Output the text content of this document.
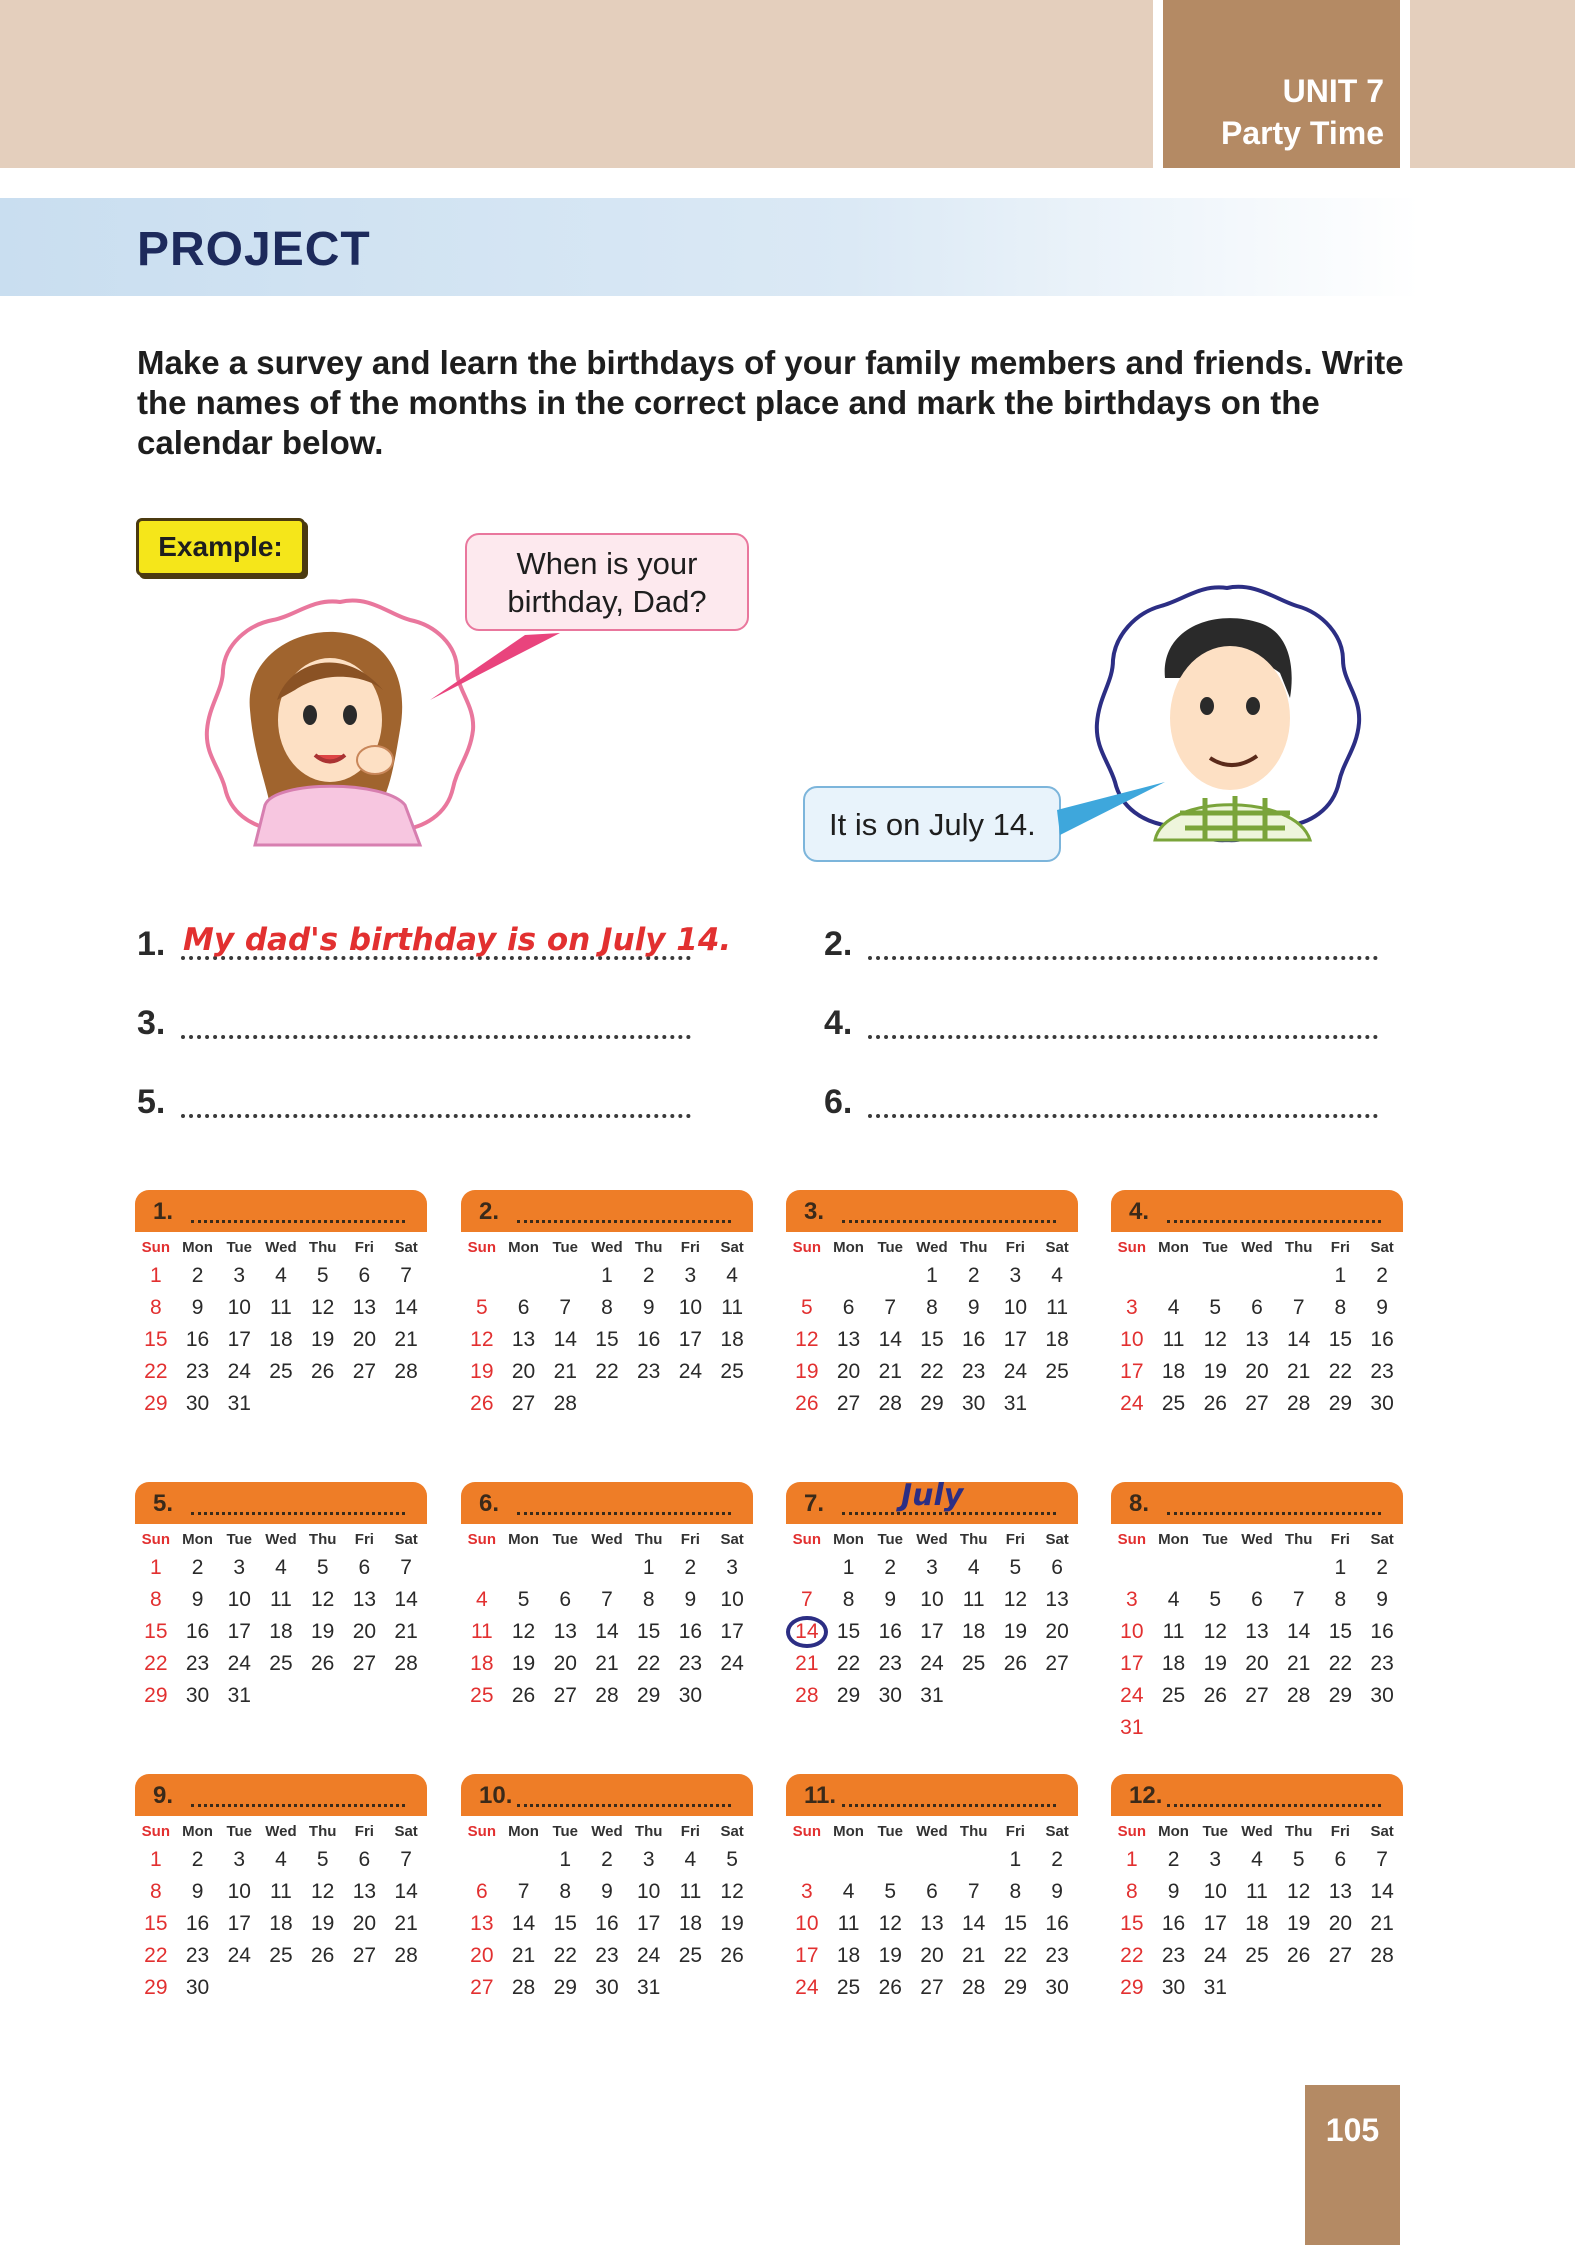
UNIT 7
Party Time
PROJECT
Make a survey and learn the birthdays of your family members and friends. Write the names of the months in the correct place and mark the birthdays on the calendar below.
Example:	When is your birthday, Dad?
It is on July 14.
1. My dad's birthday is on July 14.	2.
3.	4.
5.	6.
1.
Sun	Mon	Tue	Wed	Thu	Fri	Sat
1	2	3	4	5	6	7
8	9	10	11	12	13	14
15	16	17	18	19	20	21
22	23	24	25	26	27	28
29	30	31				
2.
Sun	Mon	Tue	Wed	Thu	Fri	Sat
			1	2	3	4
5	6	7	8	9	10	11
12	13	14	15	16	17	18
19	20	21	22	23	24	25
26	27	28				
3.
Sun	Mon	Tue	Wed	Thu	Fri	Sat
			1	2	3	4
5	6	7	8	9	10	11
12	13	14	15	16	17	18
19	20	21	22	23	24	25
26	27	28	29	30	31	
4.
Sun	Mon	Tue	Wed	Thu	Fri	Sat
					1	2
3	4	5	6	7	8	9
10	11	12	13	14	15	16
17	18	19	20	21	22	23
24	25	26	27	28	29	30
5.
Sun	Mon	Tue	Wed	Thu	Fri	Sat
1	2	3	4	5	6	7
8	9	10	11	12	13	14
15	16	17	18	19	20	21
22	23	24	25	26	27	28
29	30	31				
6.
Sun	Mon	Tue	Wed	Thu	Fri	Sat
				1	2	3
4	5	6	7	8	9	10
11	12	13	14	15	16	17
18	19	20	21	22	23	24
25	26	27	28	29	30	
7.	July
Sun	Mon	Tue	Wed	Thu	Fri	Sat
	1	2	3	4	5	6
7	8	9	10	11	12	13
14	15	16	17	18	19	20
21	22	23	24	25	26	27
28	29	30	31			
8.
Sun	Mon	Tue	Wed	Thu	Fri	Sat
					1	2
3	4	5	6	7	8	9
10	11	12	13	14	15	16
17	18	19	20	21	22	23
24	25	26	27	28	29	30
31						
9.
Sun	Mon	Tue	Wed	Thu	Fri	Sat
1	2	3	4	5	6	7
8	9	10	11	12	13	14
15	16	17	18	19	20	21
22	23	24	25	26	27	28
29	30					
10.
Sun	Mon	Tue	Wed	Thu	Fri	Sat
		1	2	3	4	5
6	7	8	9	10	11	12
13	14	15	16	17	18	19
20	21	22	23	24	25	26
27	28	29	30	31		
11.
Sun	Mon	Tue	Wed	Thu	Fri	Sat
					1	2
3	4	5	6	7	8	9
10	11	12	13	14	15	16
17	18	19	20	21	22	23
24	25	26	27	28	29	30
12.
Sun	Mon	Tue	Wed	Thu	Fri	Sat
1	2	3	4	5	6	7
8	9	10	11	12	13	14
15	16	17	18	19	20	21
22	23	24	25	26	27	28
29	30	31				
105
